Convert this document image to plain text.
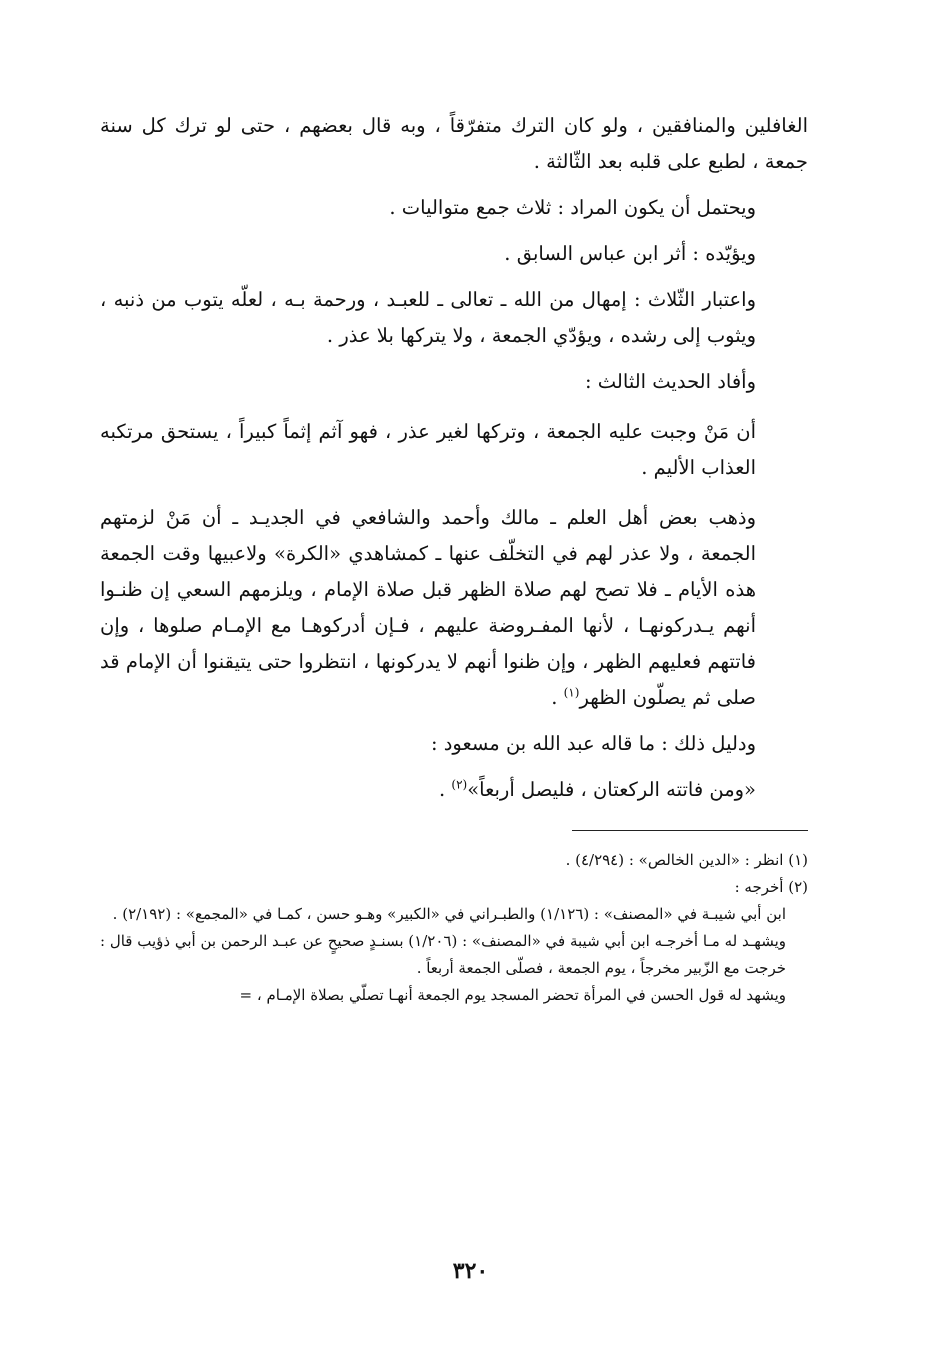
الغافلين والمنافقين ، ولو كان الترك متفرّقاً ، وبه قال بعضهم ، حتى لو ترك كل سنة جمعة ، لطبع على قلبه بعد الثّالثة .

ويحتمل أن يكون المراد : ثلاث جمع متواليات .

ويؤيّده : أثر ابن عباس السابق .

واعتبار الثّلاث : إمهال من الله ـ تعالى ـ للعبـد ، ورحمة بـه ، لعلّه يتوب من ذنبه ، ويثوب إلى رشده ، ويؤدّي الجمعة ، ولا يتركها بلا عذر .

وأفاد الحديث الثالث :

أن مَنْ وجبت عليه الجمعة ، وتركها لغير عذر ، فهو آثم إثماً كبيراً ، يستحق مرتكبه العذاب الأليم .

وذهب بعض أهل العلم ـ مالك وأحمد والشافعي في الجديـد ـ أن مَنْ لزمتهم الجمعة ، ولا عذر لهم في التخلّف عنها ـ كمشاهدي «الكرة» ولاعبيها وقت الجمعة هذه الأيام ـ فلا تصح لهم صلاة الظهر قبل صلاة الإمام ، ويلزمهم السعي إن ظنـوا أنهم يـدركونهـا ، لأنها المفـروضة عليهم ، فـإن أدركوهـا مع الإمـام صلوها ، وإن فاتتهم فعليهم الظهر ، وإن ظنوا أنهم لا يدركونها ، انتظروا حتى يتيقنوا أن الإمام قد صلى ثم يصلّون الظهر$^{(١)}$ .

ودليل ذلك : ما قاله عبد الله بن مسعود :

«ومن فاتته الركعتان ، فليصل أربعاً»$^{(٢)}$ .

(١) انظر : «الدين الخالص» : (٤/٢٩٤) .

(٢) أخرجه :

ابن أبي شيبـة في «المصنف» : (١/١٢٦) والطبـراني في «الكبير» وهـو حسن ، كمـا في «المجمع» : (٢/١٩٢) .

ويشهـد له مـا أخرجـه ابن أبي شيبة في «المصنف» : (١/٢٠٦) بسنـدٍ صحيحٍ عن عبـد الرحمن بن أبي ذؤيب قال : خرجت مع الزّبير مخرجاً ، يوم الجمعة ، فصلّى الجمعة أربعاً .

ويشهد له قول الحسن في المرأة تحضر المسجد يوم الجمعة أنهـا تصلّي بصلاة الإمـام ، =

٣٢٠
